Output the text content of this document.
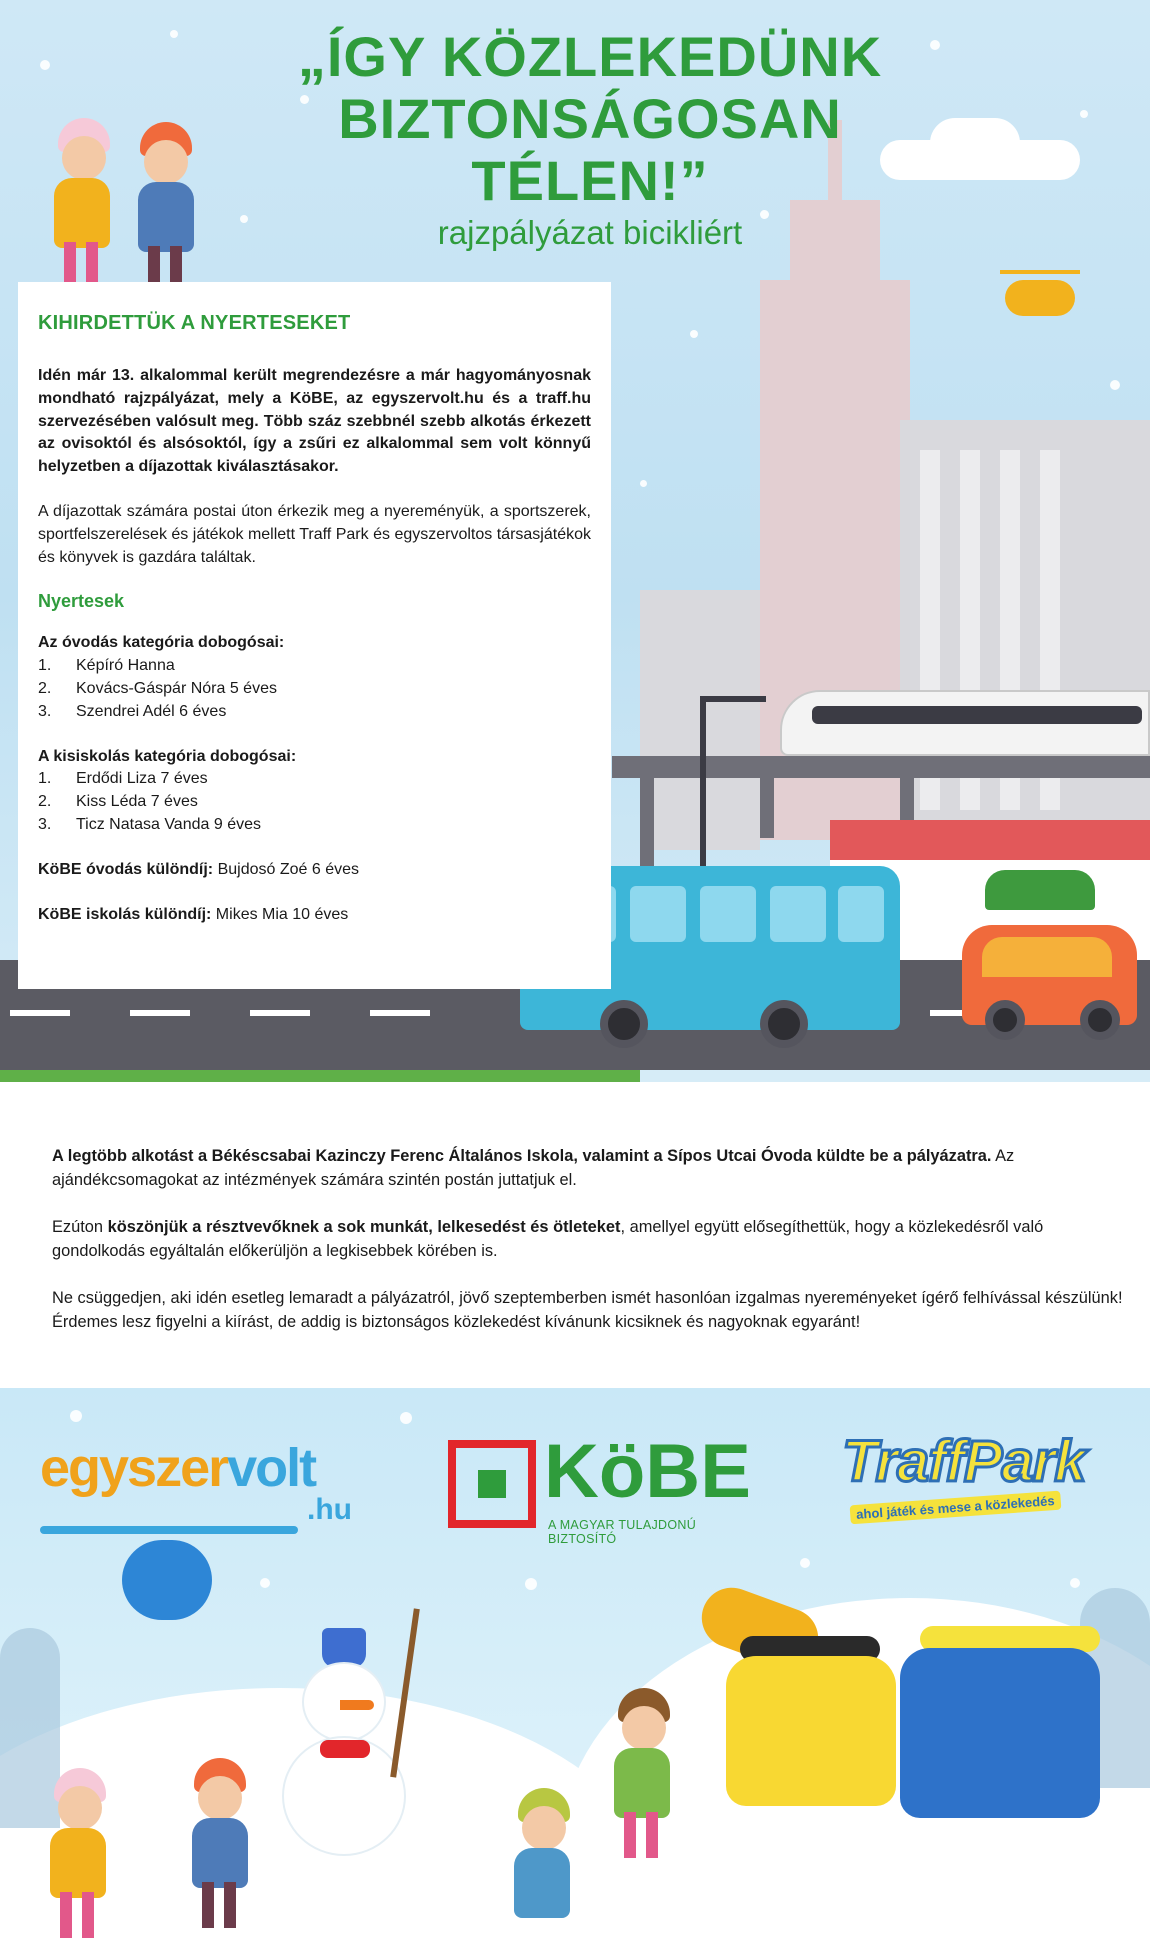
„ÍGY KÖZLEKEDÜNK BIZTONSÁGOSAN TÉLEN!”
rajzpályázat bicikliért
KIHIRDETTÜK A NYERTESEKET

Idén már 13. alkalommal került megrendezésre a már hagyományosnak mondható rajzpályázat, mely a KöBE, az egyszervolt.hu és a traff.hu szervezésében valósult meg. Több száz szebbnél szebb alkotás érkezett az ovisoktól és alsósoktól, így a zsűri ez alkalommal sem volt könnyű helyzetben a díjazottak kiválasztásakor.

A díjazottak számára postai úton érkezik meg a nyereményük, a sportszerek, sportfelszerelések és játékok mellett Traff Park és egyszervoltos társasjátékok és könyvek is gazdára találtak.

Nyertesek
Az óvodás kategória dobogósai:
1.	Képíró Hanna
2.	Kovács-Gáspár Nóra 5 éves
3.	Szendrei Adél 6 éves
A kisiskolás kategória dobogósai:
1.	Erdődi Liza 7 éves
2.	Kiss Léda 7 éves
3.	Ticz Natasa Vanda 9 éves
KöBE óvodás különdíj: Bujdosó Zoé 6 éves
KöBE iskolás különdíj: Mikes Mia 10 éves

A legtöbb alkotást a Békéscsabai Kazinczy Ferenc Általános Iskola, valamint a Sípos Utcai Óvoda küldte be a pályázatra. Az ajándékcsomagokat az intézmények számára szintén postán juttatjuk el.

Ezúton köszönjük a résztvevőknek a sok munkát, lelkesedést és ötleteket, amellyel együtt elősegíthettük, hogy a közlekedésről való gondolkodás egyáltalán előkerüljön a legkisebbek körében is.

Ne csüggedjen, aki idén esetleg lemaradt a pályázatról, jövő szeptemberben ismét hasonlóan izgalmas nyereményeket ígérő felhívással készülünk! Érdemes lesz figyelni a kiírást, de addig is biztonságos közlekedést kívánunk kicsiknek és nagyoknak egyaránt!

egyszervolt
.hu	KöBE
A MAGYAR TULAJDONÚ BIZTOSÍTÓ
TraffPark
ahol játék és mese a közlekedés
